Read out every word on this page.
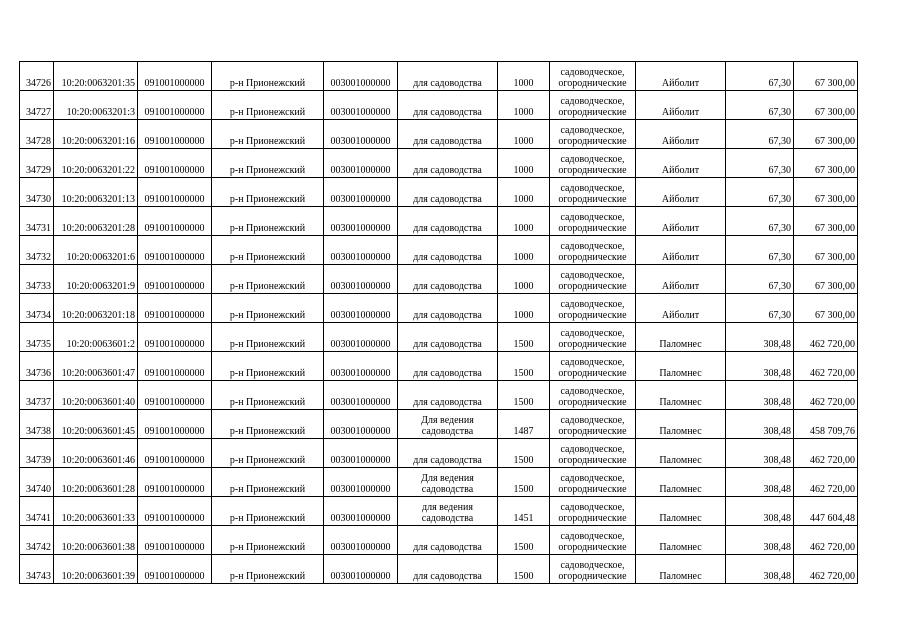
34726	10:20:0063201:35	091001000000	р-н Прионежский	003001000000	для садоводства	1000	садоводческое,
огороднические	Айболит	67,30	67 300,00
34727	10:20:0063201:3	091001000000	р-н Прионежский	003001000000	для садоводства	1000	садоводческое,
огороднические	Айболит	67,30	67 300,00
34728	10:20:0063201:16	091001000000	р-н Прионежский	003001000000	для садоводства	1000	садоводческое,
огороднические	Айболит	67,30	67 300,00
34729	10:20:0063201:22	091001000000	р-н Прионежский	003001000000	для садоводства	1000	садоводческое,
огороднические	Айболит	67,30	67 300,00
34730	10:20:0063201:13	091001000000	р-н Прионежский	003001000000	для садоводства	1000	садоводческое,
огороднические	Айболит	67,30	67 300,00
34731	10:20:0063201:28	091001000000	р-н Прионежский	003001000000	для садоводства	1000	садоводческое,
огороднические	Айболит	67,30	67 300,00
34732	10:20:0063201:6	091001000000	р-н Прионежский	003001000000	для садоводства	1000	садоводческое,
огороднические	Айболит	67,30	67 300,00
34733	10:20:0063201:9	091001000000	р-н Прионежский	003001000000	для садоводства	1000	садоводческое,
огороднические	Айболит	67,30	67 300,00
34734	10:20:0063201:18	091001000000	р-н Прионежский	003001000000	для садоводства	1000	садоводческое,
огороднические	Айболит	67,30	67 300,00
34735	10:20:0063601:2	091001000000	р-н Прионежский	003001000000	для садоводства	1500	садоводческое,
огороднические	Паломнес	308,48	462 720,00
34736	10:20:0063601:47	091001000000	р-н Прионежский	003001000000	для садоводства	1500	садоводческое,
огороднические	Паломнес	308,48	462 720,00
34737	10:20:0063601:40	091001000000	р-н Прионежский	003001000000	для садоводства	1500	садоводческое,
огороднические	Паломнес	308,48	462 720,00
34738	10:20:0063601:45	091001000000	р-н Прионежский	003001000000	Для ведения
садоводства	1487	садоводческое,
огороднические	Паломнес	308,48	458 709,76
34739	10:20:0063601:46	091001000000	р-н Прионежский	003001000000	для садоводства	1500	садоводческое,
огороднические	Паломнес	308,48	462 720,00
34740	10:20:0063601:28	091001000000	р-н Прионежский	003001000000	Для ведения
садоводства	1500	садоводческое,
огороднические	Паломнес	308,48	462 720,00
34741	10:20:0063601:33	091001000000	р-н Прионежский	003001000000	для ведения
садоводства	1451	садоводческое,
огороднические	Паломнес	308,48	447 604,48
34742	10:20:0063601:38	091001000000	р-н Прионежский	003001000000	для садоводства	1500	садоводческое,
огороднические	Паломнес	308,48	462 720,00
34743	10:20:0063601:39	091001000000	р-н Прионежский	003001000000	для садоводства	1500	садоводческое,
огороднические	Паломнес	308,48	462 720,00
